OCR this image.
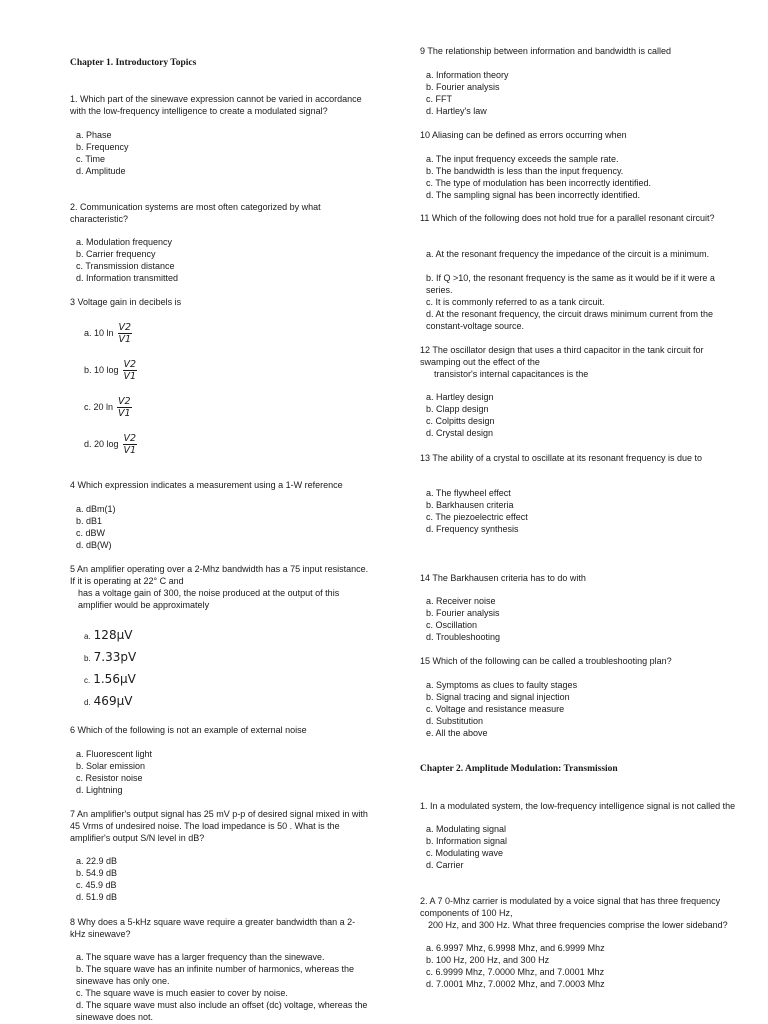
Chapter 1. Introductory Topics
1. Which part of the sinewave expression cannot be varied in accordance with the low-frequency intelligence to create a modulated signal?
a. Phase
b. Frequency
c. Time
d. Amplitude
2. Communication systems are most often categorized by what characteristic?
a. Modulation frequency
b. Carrier frequency
c. Transmission distance
d. Information transmitted
3 Voltage gain in decibels is
a. 10 $\ln \frac{V2}{V1}$
b. 10 $\log \frac{V2}{V1}$
c. 20 $\ln \frac{V2}{V1}$
d. 20 $\log \frac{V2}{V1}$
4 Which expression indicates a measurement using a 1-W reference
a. dBm(1)
b. dB1
c. dBW
d. dB(W)
5 An amplifier operating over a 2-Mhz bandwidth has a 75 input resistance. If it is operating at 22° C and
has a voltage gain of 300, the noise produced at the output of this amplifier would be approximately
a. 128μV
b. 7.33pV
c. 1.56μV
d. 469μV
6 Which of the following is not an example of external noise
a. Fluorescent light
b. Solar emission
c. Resistor noise
d. Lightning
7 An amplifier's output signal has 25 mV p-p of desired signal mixed in with 45 Vrms of undesired noise. The load impedance is 50 . What is the amplifier's output S/N level in dB?
a. 22.9 dB
b. 54.9 dB
c. 45.9 dB
d. 51.9 dB
8 Why does a 5-kHz square wave require a greater bandwidth than a 2-kHz sinewave?
a. The square wave has a larger frequency than the sinewave.
b. The square wave has an infinite number of harmonics, whereas the sinewave has only one.
c. The square wave is much easier to cover by noise.
d. The square wave must also include an offset (dc) voltage, whereas the sinewave does not.
9 The relationship between information and bandwidth is called
a. Information theory
b. Fourier analysis
c. FFT
d. Hartley's law
10 Aliasing can be defined as errors occurring when
a. The input frequency exceeds the sample rate.
b. The bandwidth is less than the input frequency.
c. The type of modulation has been incorrectly identified.
d. The sampling signal has been incorrectly identified.
11 Which of the following does not hold true for a parallel resonant circuit?
a. At the resonant frequency the impedance of the circuit is a minimum.
b. If Q >10, the resonant frequency is the same as it would be if it were a series.
c. It is commonly referred to as a tank circuit.
d. At the resonant frequency, the circuit draws minimum current from the constant-voltage source.
12 The oscillator design that uses a third capacitor in the tank circuit for swamping out the effect of the
transistor's internal capacitances is the
a. Hartley design
b. Clapp design
c. Colpitts design
d. Crystal design
13 The ability of a crystal to oscillate at its resonant frequency is due to
a. The flywheel effect
b. Barkhausen criteria
c. The piezoelectric effect
d. Frequency synthesis
14 The Barkhausen criteria has to do with
a. Receiver noise
b. Fourier analysis
c. Oscillation
d. Troubleshooting
15 Which of the following can be called a troubleshooting plan?
a. Symptoms as clues to faulty stages
b. Signal tracing and signal injection
c. Voltage and resistance measure
d. Substitution
e. All the above
Chapter 2. Amplitude Modulation: Transmission
1. In a modulated system, the low-frequency intelligence signal is not called the
a. Modulating signal
b. Information signal
c. Modulating wave
d. Carrier
2. A 7 0-Mhz carrier is modulated by a voice signal that has three frequency components of 100 Hz,
200 Hz, and 300 Hz. What three frequencies comprise the lower sideband?
a. 6.9997 Mhz, 6.9998 Mhz, and 6.9999 Mhz
b. 100 Hz, 200 Hz, and 300 Hz
c. 6.9999 Mhz, 7.0000 Mhz, and 7.0001 Mhz
d. 7.0001 Mhz, 7.0002 Mhz, and 7.0003 Mhz
